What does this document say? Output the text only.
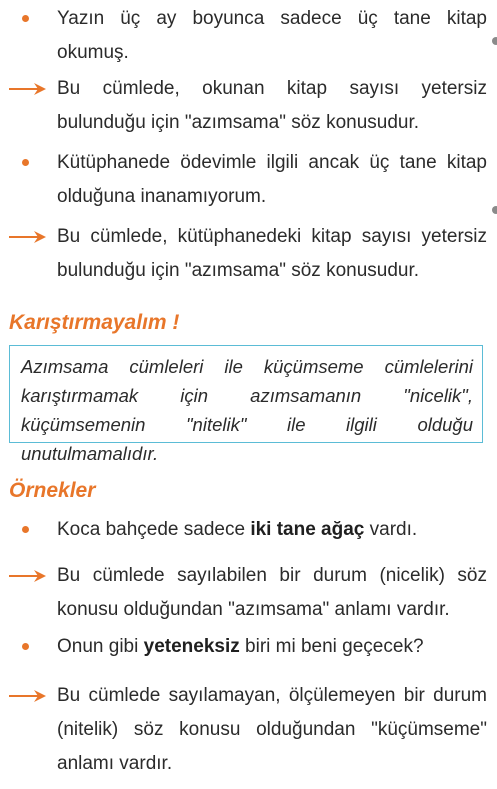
Yazın üç ay boyunca sadece üç tane kitap okumuş.
Bu cümlede, okunan kitap sayısı yetersiz bulunduğu için "azımsama" söz konusudur.
Kütüphanede ödevimle ilgili ancak üç tane kitap olduğuna inanamıyorum.
Bu cümlede, kütüphanedeki kitap sayısı yetersiz bulunduğu için "azımsama" söz konusudur.
Karıştırmayalım !
Azımsama cümleleri ile küçümseme cümlelerini karıştırmamak için azımsamanın "nicelik", küçümsemenin "nitelik" ile ilgili olduğu unutulmamalıdır.
Örnekler
Koca bahçede sadece iki tane ağaç vardı.
Bu cümlede sayılabilen bir durum (nicelik) söz konusu olduğundan "azımsama" anlamı vardır.
Onun gibi yeteneksiz biri mi beni geçecek?
Bu cümlede sayılamayan, ölçülemeyen bir durum (nitelik) söz konusu olduğundan "küçümseme" anlamı vardır.
